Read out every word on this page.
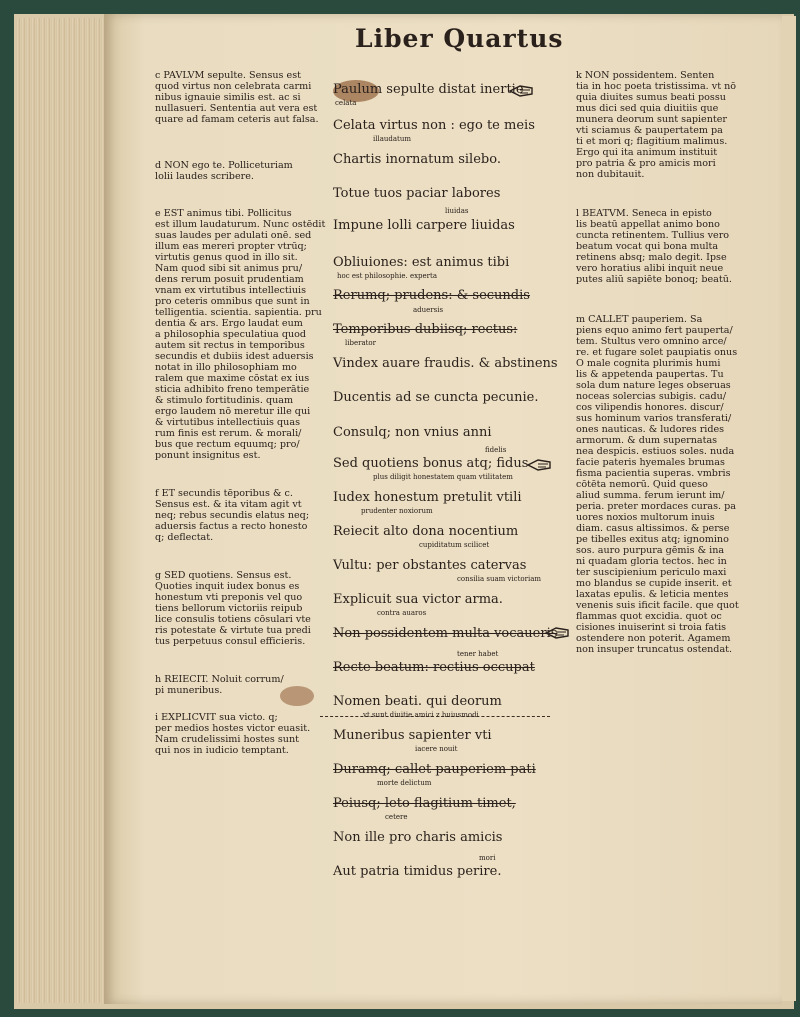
Liber Quartus
c PAVLVM sepulte. Sensus est
quod virtus non celebrata carmi
nibus ignauie similis est. ac si
nullasueri. Sententia aut vera est
quare ad famam ceteris aut falsa.
d NON ego te. Polliceturiam
lolii laudes scribere.
e EST animus tibi. Pollicitus
est illum laudaturum. Nunc ostēdit
suas laudes per adulati onē. sed
illum eas mereri propter vtrūq;
virtutis genus quod in illo sit.
Nam quod sibi sit animus pru/
dens rerum posuit prudentiam
vnam ex virtutibus intellectiuis
pro ceteris omnibus que sunt in
telligentia. scientia. sapientia. pru
dentia & ars. Ergo laudat eum
a philosophia speculatiua quod
autem sit rectus in temporibus
secundis et dubiis idest aduersis
notat in illo philosophiam mo
ralem que maxime cōstat ex ius
sticia adhibito freno temperātie
& stimulo fortitudinis. quam
ergo laudem nō meretur ille qui
& virtutibus intellectiuis quas
rum finis est rerum. & morali/
bus que rectum equumq; pro/
ponunt insignitus est.
f ET secundis tēporibus & c.
Sensus est. & ita vitam agit vt
neq; rebus secundis elatus neq;
aduersis factus a recto honesto
q; deflectat.
g SED quotiens. Sensus est.
Quoties inquit iudex bonus es
honestum vti preponis vel quo
tiens bellorum victoriis reipub
lice consulis totiens cōsulari vte
ris potestate & virtute tua predi
tus perpetuus consul efficieris.
h REIECIT. Noluit corrum/
pi muneribus.
i EXPLICVIT sua victo. q;
per medios hostes victor euasit.
Nam crudelissimi hostes sunt
qui nos in iudicio temptant.
Paulum sepulte distat inertie
celata
Celata virtus non : ego te meis
illaudatum
Chartis inornatum silebo.
Totue tuos paciar labores
liuidas
Impune lolli carpere liuidas
Obliuiones: est animus tibi
hoc est philosophie. experta
Rerumq; prudens: & secundis
aduersis
Temporibus dubiisq; rectus:
liberator
Vindex auare fraudis. & abstinens
Ducentis ad se cuncta pecunie.
Consulq; non vnius anni
fidelis
Sed quotiens bonus atq; fidus
plus diligit honestatem quam vtilitatem
Iudex honestum pretulit vtili
prudenter noxiorum
Reiecit alto dona nocentium
cupiditatum scilicet
Vultu: per obstantes catervas
consilia suam victoriam
Explicuit sua victor arma.
contra auaros
Non possidentem multa vocaueris
tener habet
Recte beatum: rectius occupat
Nomen beati. qui deorum
vt sunt diuitie amici z huiusmodi
Muneribus sapienter vti
iacere nouit
Duramq; callet pauperiem pati
morte delictum
Peiusq; leto flagitium timet,
cetere
Non ille pro charis amicis
mori
Aut patria timidus perire.
k NON possidentem. Senten
tia in hoc poeta tristissima. vt nō
quia diuites sumus beati possu
mus dici sed quia diuitiis que
munera deorum sunt sapienter
vti sciamus & paupertatem pa
ti et mori q; flagitium malimus.
Ergo qui ita animum instituit
pro patria & pro amicis mori
non dubitauit.
l BEATVM. Seneca in episto
lis beatū appellat animo bono
cuncta retinentem. Tullius vero
beatum vocat qui bona multa
retinens absq; malo degit. Ipse
vero horatius alibi inquit neue
putes aliū sapiēte bonoq; beatū.
m CALLET pauperiem. Sa
piens equo animo fert pauperta/
tem. Stultus vero omnino arce/
re. et fugare solet paupiatis onus
O male cognita plurimis humi
lis & appetenda paupertas. Tu
sola dum nature leges obseruas
noceas solercias subigis. cadu/
cos vilipendis honores. discur/
sus hominum varios transferati/
ones nauticas. & ludores rides
armorum. & dum supernatas
nea despicis. estiuos soles. nuda
facie pateris hyemales brumas
fisma pacientia superas. vmbris
cōtēta nemorū. Quid queso
aliud summa. ferum ierunt im/
peria. preter mordaces curas. pa
uores noxios multorum inuis
diam. casus altissimos. & perse
pe tibelles exitus atq; ignomino
sos. auro purpura gēmis & ina
ni quadam gloria tectos. hec in
ter suscipienium periculo maxi
mo blandus se cupide inserit. et
laxatas epulis. & leticia mentes
venenis suis ificit facile. que quot
flammas quot excidia. quot oc
cisiones inuiserint si troia fatis
ostendere non poterit. Agamem
non insuper truncatus ostendat.
